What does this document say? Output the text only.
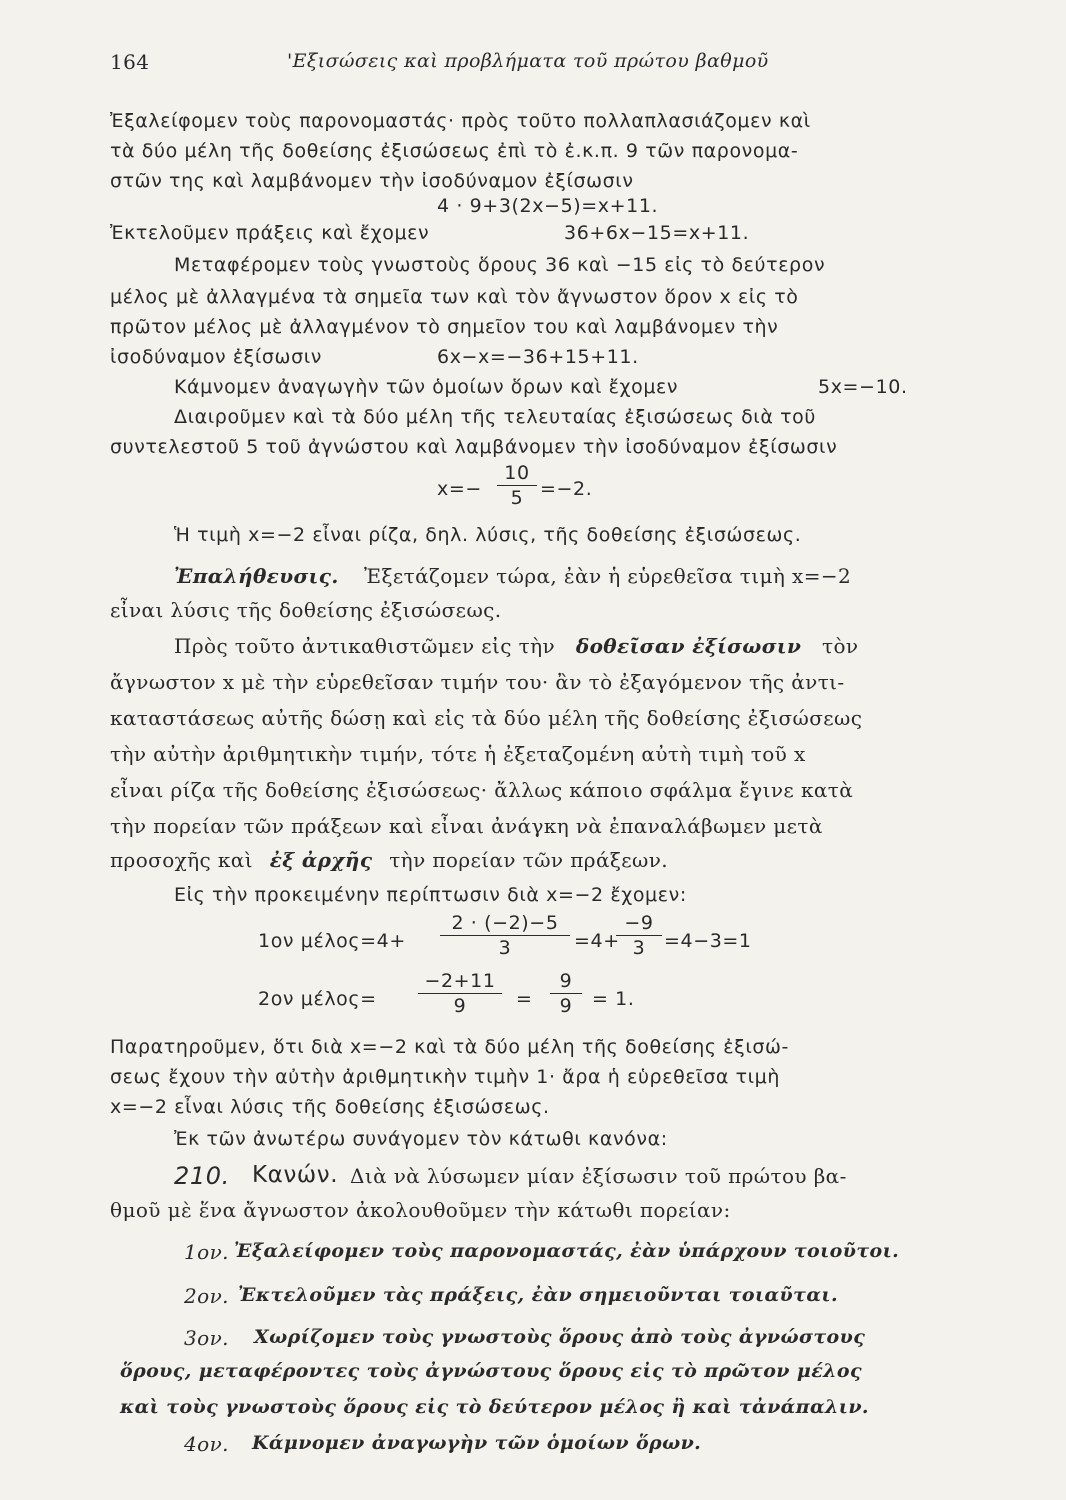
164	'Εξισώσεις καὶ προβλήματα τοῦ πρώτου βαθμοῦ
Ἐξαλείφομεν τοὺς παρονομαστάς· πρὸς τοῦτο πολλαπλασιάζομεν καὶ
τὰ δύο μέλη τῆς δοθείσης ἐξισώσεως ἐπὶ τὸ ἐ.κ.π. 9 τῶν παρονομα-
στῶν της καὶ λαμβάνομεν τὴν ἰσοδύναμον ἐξίσωσιν
4 · 9+3(2x−5)=x+11.
Ἐκτελοῦμεν πράξεις καὶ ἔχομεν	36+6x−15=x+11.
Μεταφέρομεν τοὺς γνωστοὺς ὅρους 36 καὶ −15 εἰς τὸ δεύτερον
μέλος μὲ ἀλλαγμένα τὰ σημεῖα των καὶ τὸν ἄγνωστον ὅρον x εἰς τὸ
πρῶτον μέλος μὲ ἀλλαγμένον τὸ σημεῖον του καὶ λαμβάνομεν τὴν
ἰσοδύναμον ἐξίσωσιν	6x−x=−36+15+11.
Κάμνομεν ἀναγωγὴν τῶν ὁμοίων ὅρων καὶ ἔχομεν	5x=−10.
Διαιροῦμεν καὶ τὰ δύο μέλη τῆς τελευταίας ἐξισώσεως διὰ τοῦ
συντελεστοῦ 5 τοῦ ἀγνώστου καὶ λαμβάνομεν τὴν ἰσοδύναμον ἐξίσωσιν
$x=- \frac{10}{5} =-2$.
Ἡ τιμὴ x=−2 εἶναι ρίζα, δηλ. λύσις, τῆς δοθείσης ἐξισώσεως.
Ἐπαλήθευσις. Ἐξετάζομεν τώρα, ἐὰν ἡ εὑρεθεῖσα τιμὴ x=−2
εἶναι λύσις τῆς δοθείσης ἐξισώσεως.
Πρὸς τοῦτο ἀντικαθιστῶμεν εἰς τὴν δοθεῖσαν ἐξίσωσιν τὸν
ἄγνωστον x μὲ τὴν εὑρεθεῖσαν τιμήν του· ἂν τὸ ἐξαγόμενον τῆς ἀντι-
καταστάσεως αὐτῆς δώσῃ καὶ εἰς τὰ δύο μέλη τῆς δοθείσης ἐξισώσεως
τὴν αὐτὴν ἀριθμητικὴν τιμήν, τότε ἡ ἐξεταζομένη αὐτὴ τιμὴ τοῦ x
εἶναι ρίζα τῆς δοθείσης ἐξισώσεως· ἄλλως κάποιο σφάλμα ἔγινε κατὰ
τὴν πορείαν τῶν πράξεων καὶ εἶναι ἀνάγκη νὰ ἐπαναλάβωμεν μετὰ
προσοχῆς καὶ ἐξ ἀρχῆς τὴν πορείαν τῶν πράξεων.
Εἰς τὴν προκειμένην περίπτωσιν διὰ x=−2 ἔχομεν:
1ον $\mu έ\lambda o\varsigma=4+ \frac{2 \cdot (-2)-5}{3} =4+$
$\frac{-9}{3} =4-3=1$
2ον $\mu έ\lambda o\varsigma= \frac{-2+11}{9} = \frac{9}{9} = 1$.
Παρατηροῦμεν, ὅτι διὰ x=−2 καὶ τὰ δύο μέλη τῆς δοθείσης ἐξισώ-
σεως ἔχουν τὴν αὐτὴν ἀριθμητικὴν τιμὴν 1· ἄρα ἡ εὑρεθεῖσα τιμὴ
x=−2 εἶναι λύσις τῆς δοθείσης ἐξισώσεως.
Ἐκ τῶν ἀνωτέρω συνάγομεν τὸν κάτωθι κανόνα:
210. Κανών. Διὰ νὰ λύσωμεν μίαν ἐξίσωσιν τοῦ πρώτου βα-
θμοῦ μὲ ἕνα ἄγνωστον ἀκολουθοῦμεν τὴν κάτωθι πορείαν:
1ον. Ἐξαλείφομεν τοὺς παρονομαστάς, ἐὰν ὑπάρχουν τοιοῦτοι.
2ον. Ἐκτελοῦμεν τὰς πράξεις, ἐὰν σημειοῦνται τοιαῦται.
3ον. Χωρίζομεν τοὺς γνωστοὺς ὅρους ἀπὸ τοὺς ἀγνώστους
ὅρους, μεταφέροντες τοὺς ἀγνώστους ὅρους εἰς τὸ πρῶτον μέλος
καὶ τοὺς γνωστοὺς ὅρους εἰς τὸ δεύτερον μέλος ἢ καὶ τἀνάπαλιν.
4ον. Κάμνομεν ἀναγωγὴν τῶν ὁμοίων ὅρων.
